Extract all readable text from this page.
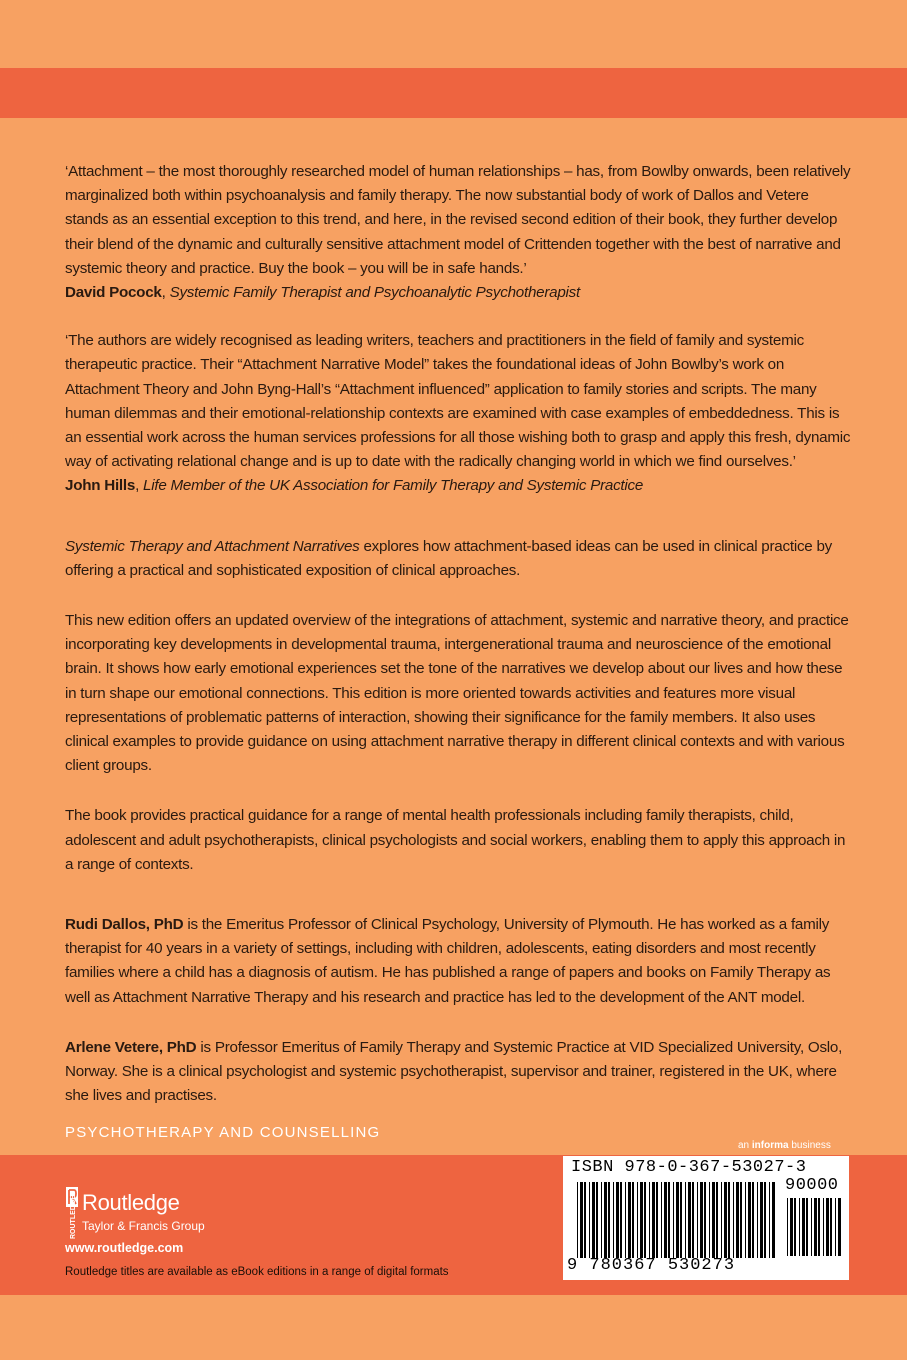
‘Attachment – the most thoroughly researched model of human relationships – has, from Bowlby onwards, been relatively marginalized both within psychoanalysis and family therapy. The now substantial body of work of Dallos and Vetere stands as an essential exception to this trend, and here, in the revised second edition of their book, they further develop their blend of the dynamic and culturally sensitive attachment model of Crittenden together with the best of narrative and systemic theory and practice. Buy the book – you will be in safe hands.’
David Pocock, Systemic Family Therapist and Psychoanalytic Psychotherapist

‘The authors are widely recognised as leading writers, teachers and practitioners in the field of family and systemic therapeutic practice. Their “Attachment Narrative Model” takes the foundational ideas of John Bowlby’s work on Attachment Theory and John Byng-Hall’s “Attachment influenced” application to family stories and scripts. The many human dilemmas and their emotional-relationship contexts are examined with case examples of embeddedness. This is an essential work across the human services professions for all those wishing both to grasp and apply this fresh, dynamic way of activating relational change and is up to date with the radically changing world in which we find ourselves.’
John Hills, Life Member of the UK Association for Family Therapy and Systemic Practice

Systemic Therapy and Attachment Narratives explores how attachment-based ideas can be used in clinical practice by offering a practical and sophisticated exposition of clinical approaches.

This new edition offers an updated overview of the integrations of attachment, systemic and narrative theory, and practice incorporating key developments in developmental trauma, intergenerational trauma and neuroscience of the emotional brain. It shows how early emotional experiences set the tone of the narratives we develop about our lives and how these in turn shape our emotional connections. This edition is more oriented towards activities and features more visual representations of problematic patterns of interaction, showing their significance for the family members. It also uses clinical examples to provide guidance on using attachment narrative therapy in different clinical contexts and with various client groups.

The book provides practical guidance for a range of mental health professionals including family therapists, child, adolescent and adult psychotherapists, clinical psychologists and social workers, enabling them to apply this approach in a range of contexts.

Rudi Dallos, PhD is the Emeritus Professor of Clinical Psychology, University of Plymouth. He has worked as a family therapist for 40 years in a variety of settings, including with children, adolescents, eating disorders and most recently families where a child has a diagnosis of autism. He has published a range of papers and books on Family Therapy as well as Attachment Narrative Therapy and his research and practice has led to the development of the ANT model.

Arlene Vetere, PhD is Professor Emeritus of Family Therapy and Systemic Practice at VID Specialized University, Oslo, Norway. She is a clinical psychologist and systemic psychotherapist, supervisor and trainer, registered in the UK, where she lives and practises.

PSYCHOTHERAPY AND COUNSELLING
an informa business
ROUTLEDGE Routledge
Taylor & Francis Group
www.routledge.com
Routledge titles are available as eBook editions in a range of digital formats
ISBN 978-0-367-53027-3
90000
9 780367 530273
